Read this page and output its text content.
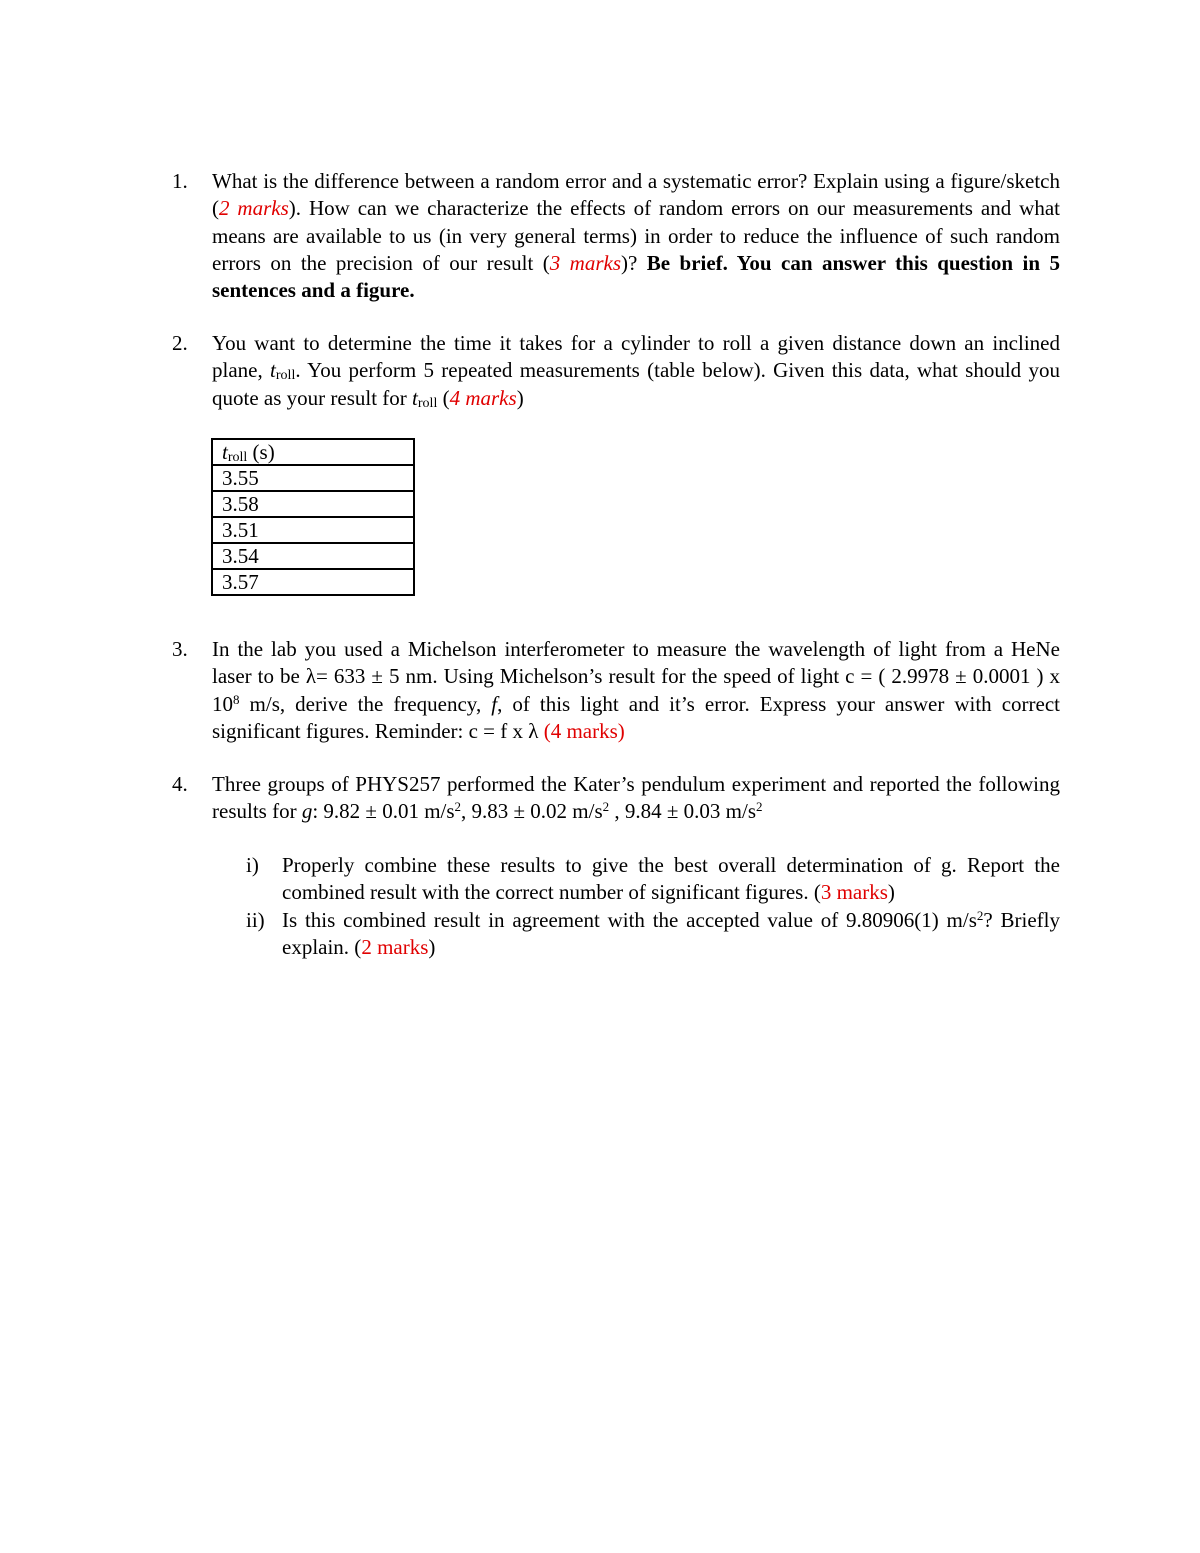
1.	What is the difference between a random error and a systematic error? Explain using a figure/sketch (2 marks). How can we characterize the effects of random errors on our measurements and what means are available to us (in very general terms) in order to reduce the influence of such random errors on the precision of our result (3 marks)? Be brief. You can answer this question in 5 sentences and a figure.

2.	You want to determine the time it takes for a cylinder to roll a given distance down an inclined plane, $t_{roll}$. You perform 5 repeated measurements (table below). Given this data, what should you quote as your result for $t_{roll}$ (4 marks)

$t_{roll}$ (s)
3.55
3.58
3.51
3.54
3.57
3.	In the lab you used a Michelson interferometer to measure the wavelength of light from a HeNe laser to be λ= 633 ± 5 nm. Using Michelson’s result for the speed of light c = ( 2.9978 ± 0.0001 ) x $10^8$ m/s, derive the frequency, f, of this light and it’s error. Express your answer with correct significant figures. Reminder: c = f x λ (4 marks)

4.	Three groups of PHYS257 performed the Kater’s pendulum experiment and reported the following results for g: 9.82 ± 0.01 $m/s^2$, 9.83 ± 0.02 $m/s^2$ , 9.84 ± 0.03 $m/s^2$

i)	Properly combine these results to give the best overall determination of g. Report the combined result with the correct number of significant figures. (3 marks)
ii) Is this combined result in agreement with the accepted value of 9.80906(1) $m/s^2$? Briefly explain. (2 marks)
